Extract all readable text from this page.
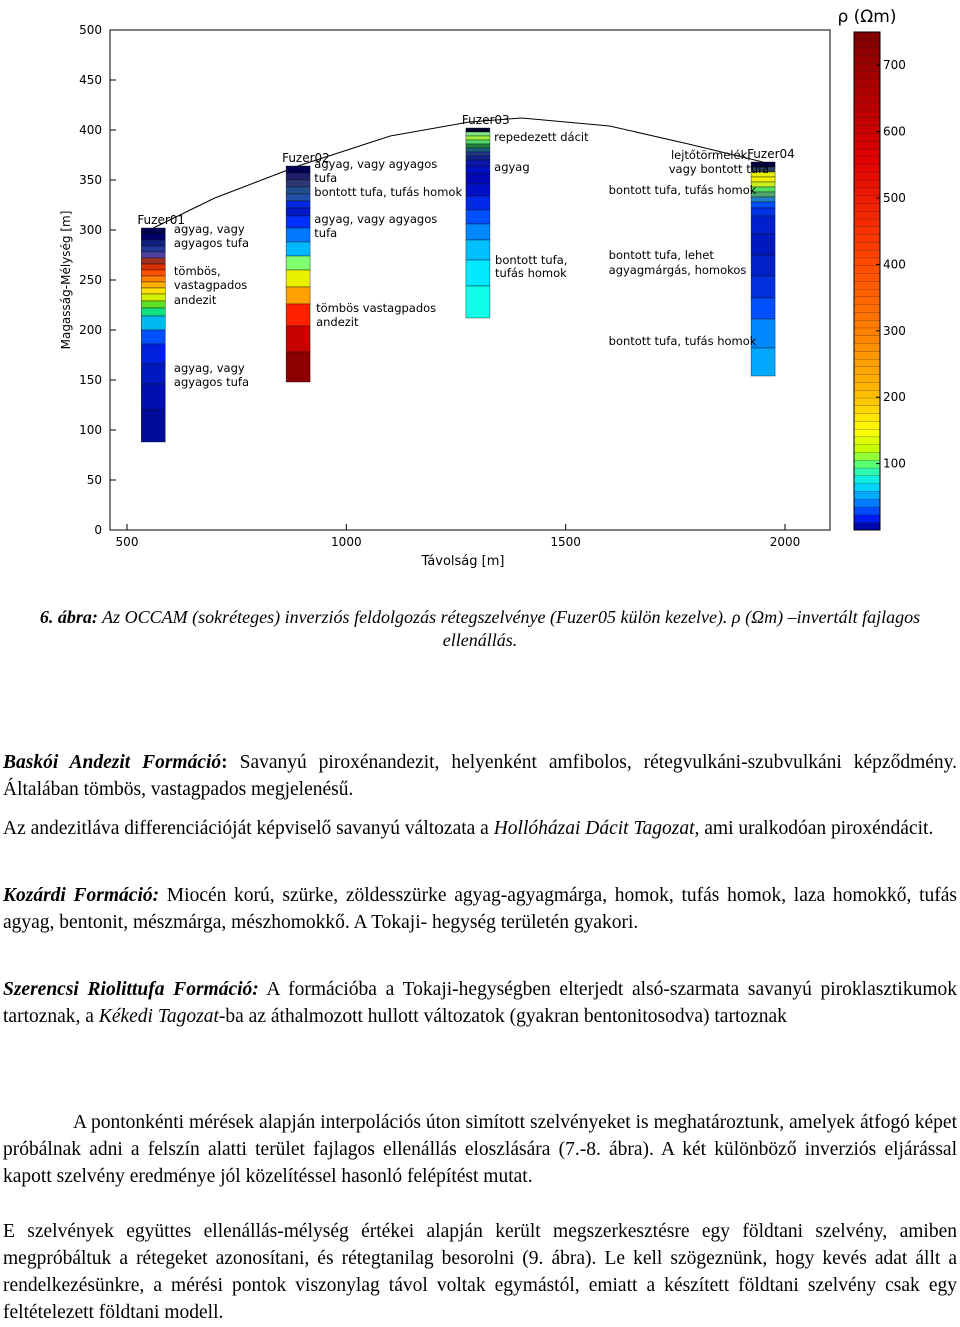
500	1000	1500	2000
0
50
100
150
200
250
300
350
400
450
500
Fuzer01
Fuzer02
Fuzer03
Fuzer04
agyag, vagy
agyagos tufa
tömbös,
vastagpados
andezit
agyag, vagy
agyagos tufa
agyag, vagy agyagos
tufa
bontott tufa, tufás homok
agyag, vagy agyagos
tufa
tömbös vastagpados
andezit
repedezett dácit
agyag
bontott tufa,
tufás homok
lejtőtörmelék,
vagy bontott tufa
bontott tufa, tufás homok
bontott tufa, lehet
agyagmárgás, homokos
bontott tufa, tufás homok
Távolság [m]
Magasság-Mélység [m]
100
200
300
400
500
600
700
ρ (Ωm)
6. ábra: Az OCCAM (sokréteges) inverziós feldolgozás rétegszelvénye (Fuzer05 külön kezelve). ρ (Ωm) –invertált fajlagos ellenállás.

Baskói Andezit Formáció: Savanyú piroxénandezit, helyenként amfibolos, rétegvulkáni-szubvulkáni képződmény. Általában tömbös, vastagpados megjelenésű.

Az andezitláva differenciációját képviselő savanyú változata a Hollóházai Dácit Tagozat, ami uralkodóan piroxéndácit.

Kozárdi Formáció: Miocén korú, szürke, zöldesszürke agyag-agyagmárga, homok, tufás homok, laza homokkő, tufás agyag, bentonit, mészmárga, mészhomokkő. A Tokaji- hegység területén gyakori.

Szerencsi Riolittufa Formáció: A formációba a Tokaji-hegységben elterjedt alsó-szarmata savanyú piroklasztikumok tartoznak, a Kékedi Tagozat-ba az áthalmozott hullott változatok (gyakran bentonitosodva) tartoznak

A pontonkénti mérések alapján interpolációs úton simított szelvényeket is meghatároztunk, amelyek átfogó képet próbálnak adni a felszín alatti terület fajlagos ellenállás eloszlására (7.-8. ábra). A két különböző inverziós eljárással kapott szelvény eredménye jól közelítéssel hasonló felépítést mutat.

E szelvények együttes ellenállás-mélység értékei alapján került megszerkesztésre egy földtani szelvény, amiben megpróbáltuk a rétegeket azonosítani, és rétegtanilag besorolni (9. ábra). Le kell szögeznünk, hogy kevés adat állt a rendelkezésünkre, a mérési pontok viszonylag távol voltak egymástól, emiatt a készített földtani szelvény csak egy feltételezett földtani modell.
